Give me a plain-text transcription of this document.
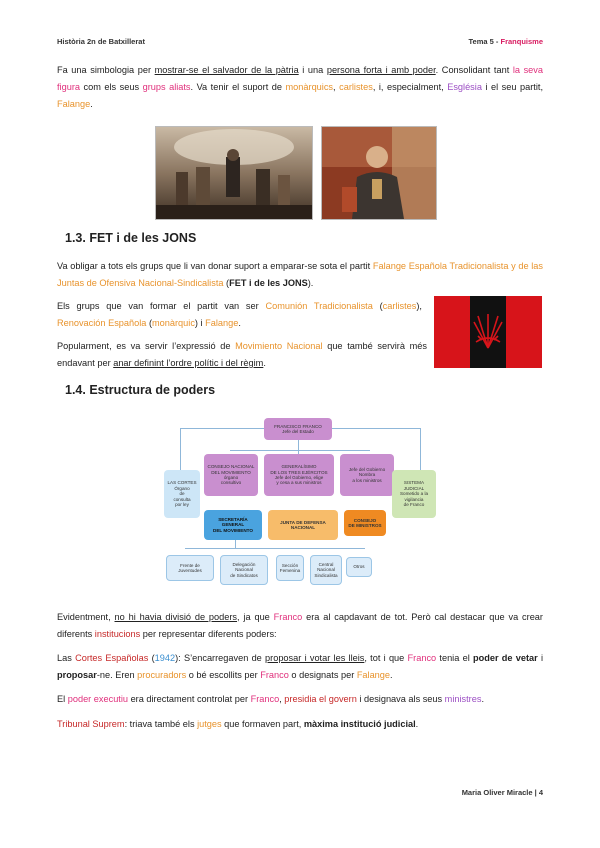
Història 2n de Batxillerat	Tema 5 - Franquisme

Fa una simbologia per mostrar-se el salvador de la pàtria i una persona forta i amb poder. Consolidant tant la seva figura com els seus grups aliats. Va tenir el suport de monàrquics, carlistes, i, especialment, Església i el seu partit, Falange.

1.3. FET i de les JONS

Va obligar a tots els grups que li van donar suport a emparar-se sota el partit Falange Española Tradicionalista y de las Juntas de Ofensiva Nacional-Sindicalista (FET i de les JONS).

Els grups que van formar el partit van ser Comunión Tradicionalista (carlistes), Renovación Española (monàrquic) i Falange.

Popularment, es va servir l’expressió de Movimiento Nacional que també servirà més endavant per anar definint l’ordre polític i del règim.

1.4. Estructura de poders
FRANCISCO FRANCO
Jefe del Estado
CONSEJO NACIONAL
DEL MOVIMIENTO
órgano
consultivo
GENERALÍSIMO
DE LOS TRES EJÉRCITOS
Jefe del Gobierno, elige
y cesa a sus ministros
Jefe del Gobierno
Nombra
a los ministros
LAS CORTES
Órgano
de
consulta
por ley
SISTEMA
JUDICIAL
Sometido a la
vigilancia
de Franco
SECRETARÍA
GENERAL
DEL MOVIMIENTO
JUNTA DE DEFENSA
NACIONAL
CONSEJO
DE MINISTROS
Frente de
Juventudes
Delegación
Nacional
de Sindicatos
Sección
Femenina
Central
Nacional
Sindicalista
Otros

Evidentment, no hi havia divisió de poders, ja que Franco era al capdavant de tot. Però cal destacar que va crear diferents institucions per representar diferents poders:

Las Cortes Españolas (1942): S’encarregaven de proposar i votar les lleis, tot i que Franco tenia el poder de vetar i proposar-ne. Eren procuradors o bé escollits per Franco o designats per Falange.

El poder executiu era directament controlat per Franco, presidia el govern i designava als seus ministres.

Tribunal Suprem: triava també els jutges que formaven part, màxima institució judicial.

Maria Oliver Miracle | 4
